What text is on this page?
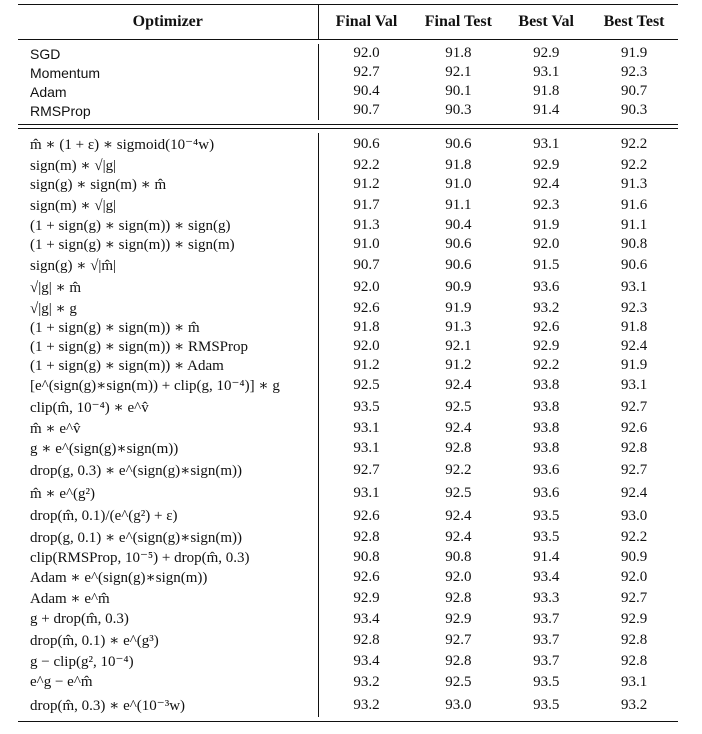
Optimizer	Final Val	Final Test	Best Val	Best Test
SGD	92.0	91.8	92.9	91.9
Momentum	92.7	92.1	93.1	92.3
Adam	90.4	90.1	91.8	90.7
RMSProp	90.7	90.3	91.4	90.3
m̂ ∗ (1 + ε) ∗ sigmoid(10⁻⁴w)	90.6	90.6	93.1	92.2
sign(m) ∗ √|g|	92.2	91.8	92.9	92.2
sign(g) ∗ sign(m) ∗ m̂	91.2	91.0	92.4	91.3
sign(m) ∗ √|g|	91.7	91.1	92.3	91.6
(1 + sign(g) ∗ sign(m)) ∗ sign(g)	91.3	90.4	91.9	91.1
(1 + sign(g) ∗ sign(m)) ∗ sign(m)	91.0	90.6	92.0	90.8
sign(g) ∗ √|m̂|	90.7	90.6	91.5	90.6
√|g| ∗ m̂	92.0	90.9	93.6	93.1
√|g| ∗ g	92.6	91.9	93.2	92.3
(1 + sign(g) ∗ sign(m)) ∗ m̂	91.8	91.3	92.6	91.8
(1 + sign(g) ∗ sign(m)) ∗ RMSProp	92.0	92.1	92.9	92.4
(1 + sign(g) ∗ sign(m)) ∗ Adam	91.2	91.2	92.2	91.9
[e^(sign(g)∗sign(m)) + clip(g, 10⁻⁴)] ∗ g	92.5	92.4	93.8	93.1
clip(m̂, 10⁻⁴) ∗ e^v̂	93.5	92.5	93.8	92.7
m̂ ∗ e^v̂	93.1	92.4	93.8	92.6
g ∗ e^(sign(g)∗sign(m))	93.1	92.8	93.8	92.8
drop(g, 0.3) ∗ e^(sign(g)∗sign(m))	92.7	92.2	93.6	92.7
m̂ ∗ e^(g²)	93.1	92.5	93.6	92.4
drop(m̂, 0.1)/(e^(g²) + ε)	92.6	92.4	93.5	93.0
drop(g, 0.1) ∗ e^(sign(g)∗sign(m))	92.8	92.4	93.5	92.2
clip(RMSProp, 10⁻⁵) + drop(m̂, 0.3)	90.8	90.8	91.4	90.9
Adam ∗ e^(sign(g)∗sign(m))	92.6	92.0	93.4	92.0
Adam ∗ e^m̂	92.9	92.8	93.3	92.7
g + drop(m̂, 0.3)	93.4	92.9	93.7	92.9
drop(m̂, 0.1) ∗ e^(g³)	92.8	92.7	93.7	92.8
g − clip(g², 10⁻⁴)	93.4	92.8	93.7	92.8
e^g − e^m̂	93.2	92.5	93.5	93.1
drop(m̂, 0.3) ∗ e^(10⁻³w)	93.2	93.0	93.5	93.2
